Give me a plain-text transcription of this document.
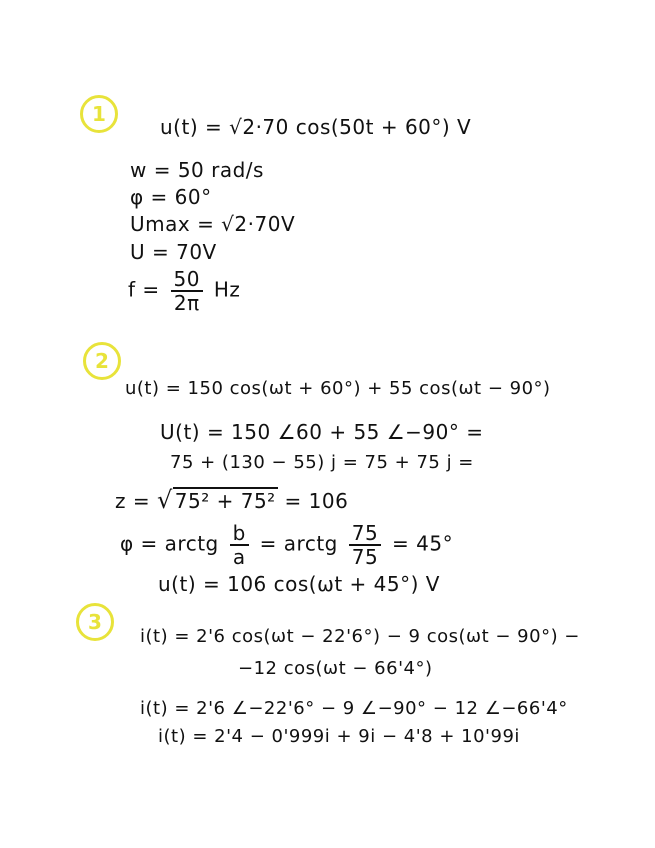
1
u(t) = √2·70 cos(50t + 60°) V
w = 50 rad/s
φ = 60°
Umax = √2·70V
U = 70V
$f = \frac{50}{2\pi}$ Hz
2
u(t) = 150 cos(ωt + 60°) + 55 cos(ωt − 90°)
U(t) = 150 ∠60 + 55 ∠−90° =
75 + (130 − 55) j = 75 + 75 j =
z = √ 75² + 75² = 106
φ = arctg $\frac{b}{a}$ = arctg $\frac{75}{75} = 45^\circ$
u(t) = 106 cos(ωt + 45°) V
3
i(t) = 2'6 cos(ωt − 22'6°) − 9 cos(ωt − 90°) −
−12 cos(ωt − 66'4°)
i(t) = 2'6 ∠−22'6° − 9 ∠−90° − 12 ∠−66'4°
i(t) = 2'4 − 0'999i + 9i − 4'8 + 10'99i
